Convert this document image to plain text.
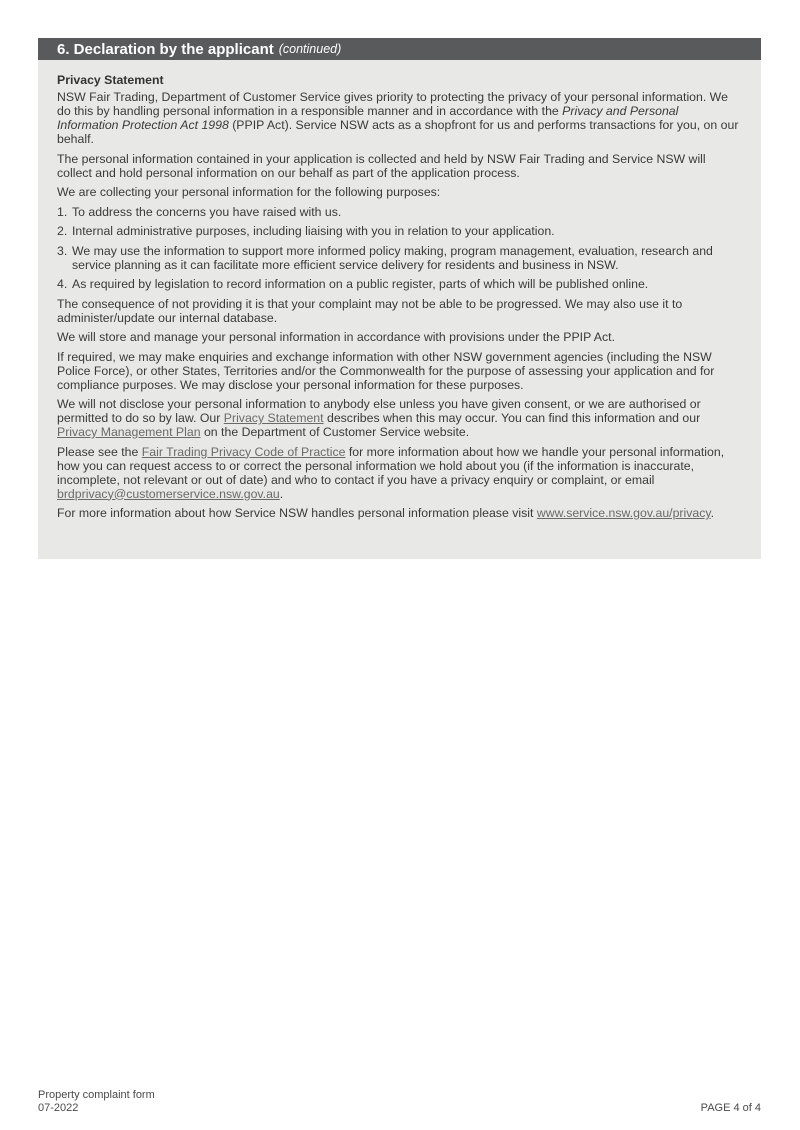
6. Declaration by the applicant (continued)
Privacy Statement

NSW Fair Trading, Department of Customer Service gives priority to protecting the privacy of your personal information. We do this by handling personal information in a responsible manner and in accordance with the Privacy and Personal Information Protection Act 1998 (PPIP Act). Service NSW acts as a shopfront for us and performs transactions for you, on our behalf.

The personal information contained in your application is collected and held by NSW Fair Trading and Service NSW will collect and hold personal information on our behalf as part of the application process.

We are collecting your personal information for the following purposes:

1. To address the concerns you have raised with us.
2. Internal administrative purposes, including liaising with you in relation to your application.
3. We may use the information to support more informed policy making, program management, evaluation, research and service planning as it can facilitate more efficient service delivery for residents and business in NSW.
4. As required by legislation to record information on a public register, parts of which will be published online.

The consequence of not providing it is that your complaint may not be able to be progressed. We may also use it to administer/update our internal database.

We will store and manage your personal information in accordance with provisions under the PPIP Act.

If required, we may make enquiries and exchange information with other NSW government agencies (including the NSW Police Force), or other States, Territories and/or the Commonwealth for the purpose of assessing your application and for compliance purposes. We may disclose your personal information for these purposes.

We will not disclose your personal information to anybody else unless you have given consent, or we are authorised or permitted to do so by law. Our Privacy Statement describes when this may occur. You can find this information and our Privacy Management Plan on the Department of Customer Service website.

Please see the Fair Trading Privacy Code of Practice for more information about how we handle your personal information, how you can request access to or correct the personal information we hold about you (if the information is inaccurate, incomplete, not relevant or out of date) and who to contact if you have a privacy enquiry or complaint, or email brdprivacy@customerservice.nsw.gov.au.

For more information about how Service NSW handles personal information please visit www.service.nsw.gov.au/privacy.

Property complaint form
07-2022	PAGE 4 of 4
